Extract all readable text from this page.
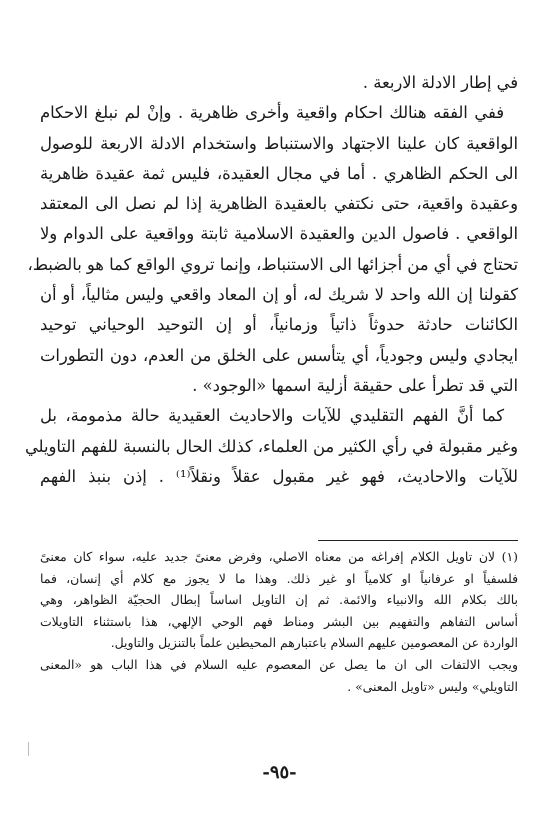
في إطار الادلة الاربعة .
ففي الفقه هنالك احكام واقعية وأخرى ظاهرية . وإنْ لم نبلغ الاحكام
الواقعية كان علينا الاجتهاد والاستنباط واستخدام الادلة الاربعة للوصول
الى الحكم الظاهري . أما في مجال العقيدة، فليس ثمة عقيدة ظاهرية
وعقيدة واقعية، حتى نكتفي بالعقيدة الظاهرية إذا لم نصل الى المعتقد
الواقعي . فاصول الدين والعقيدة الاسلامية ثابتة وواقعية على الدوام ولا
تحتاج في أي من أجزائها الى الاستنباط، وإنما تروي الواقع كما هو بالضبط،
كقولنا إن الله واحد لا شريك له، أو إن المعاد واقعي وليس مثالياً، أو أن
الكائنات حادثة حدوثاً ذاتياً وزمانياً، أو إن التوحيد الوحياني توحيد
ايجادي وليس وجودياً، أي يتأسس على الخلق من العدم، دون التطورات
التي قد تطرأ على حقيقة أزلية اسمها «الوجود» .
كما أنَّ الفهم التقليدي للآيات والاحاديث العقيدية حالة مذمومة، بل
وغير مقبولة في رأي الكثير من العلماء، كذلك الحال بالنسبة للفهم التاويلي
للآيات والاحاديث، فهو غير مقبول عقلاً ونقلاً⁽¹⁾ . إذن بنبذ الفهم
(١) لان تاويل الكلام إفراغه من معناه الاصلي، وفرض معنىً جديد عليه، سواء كان معنىً
فلسفياً او عرفانياً او كلامياً او غير ذلك. وهذا ما لا يجوز مع كلام أي إنسان، فما
بالك بكلام الله والانبياء والائمة. ثم إن التاويل اساساً إبطال الحجيّة الظواهر، وهي
أساس التفاهم والتفهيم بين البشر ومناط فهم الوحي الإلهي، هذا باستثناء التاويلات
الواردة عن المعصومين عليهم السلام باعتبارهم المحيطين علماً بالتنزيل والتاويل.
ويجب الالتفات الى ان ما يصل عن المعصوم عليه السلام في هذا الباب هو «المعنى
التاويلي» وليس «تاويل المعنى» .
-٩٥-
